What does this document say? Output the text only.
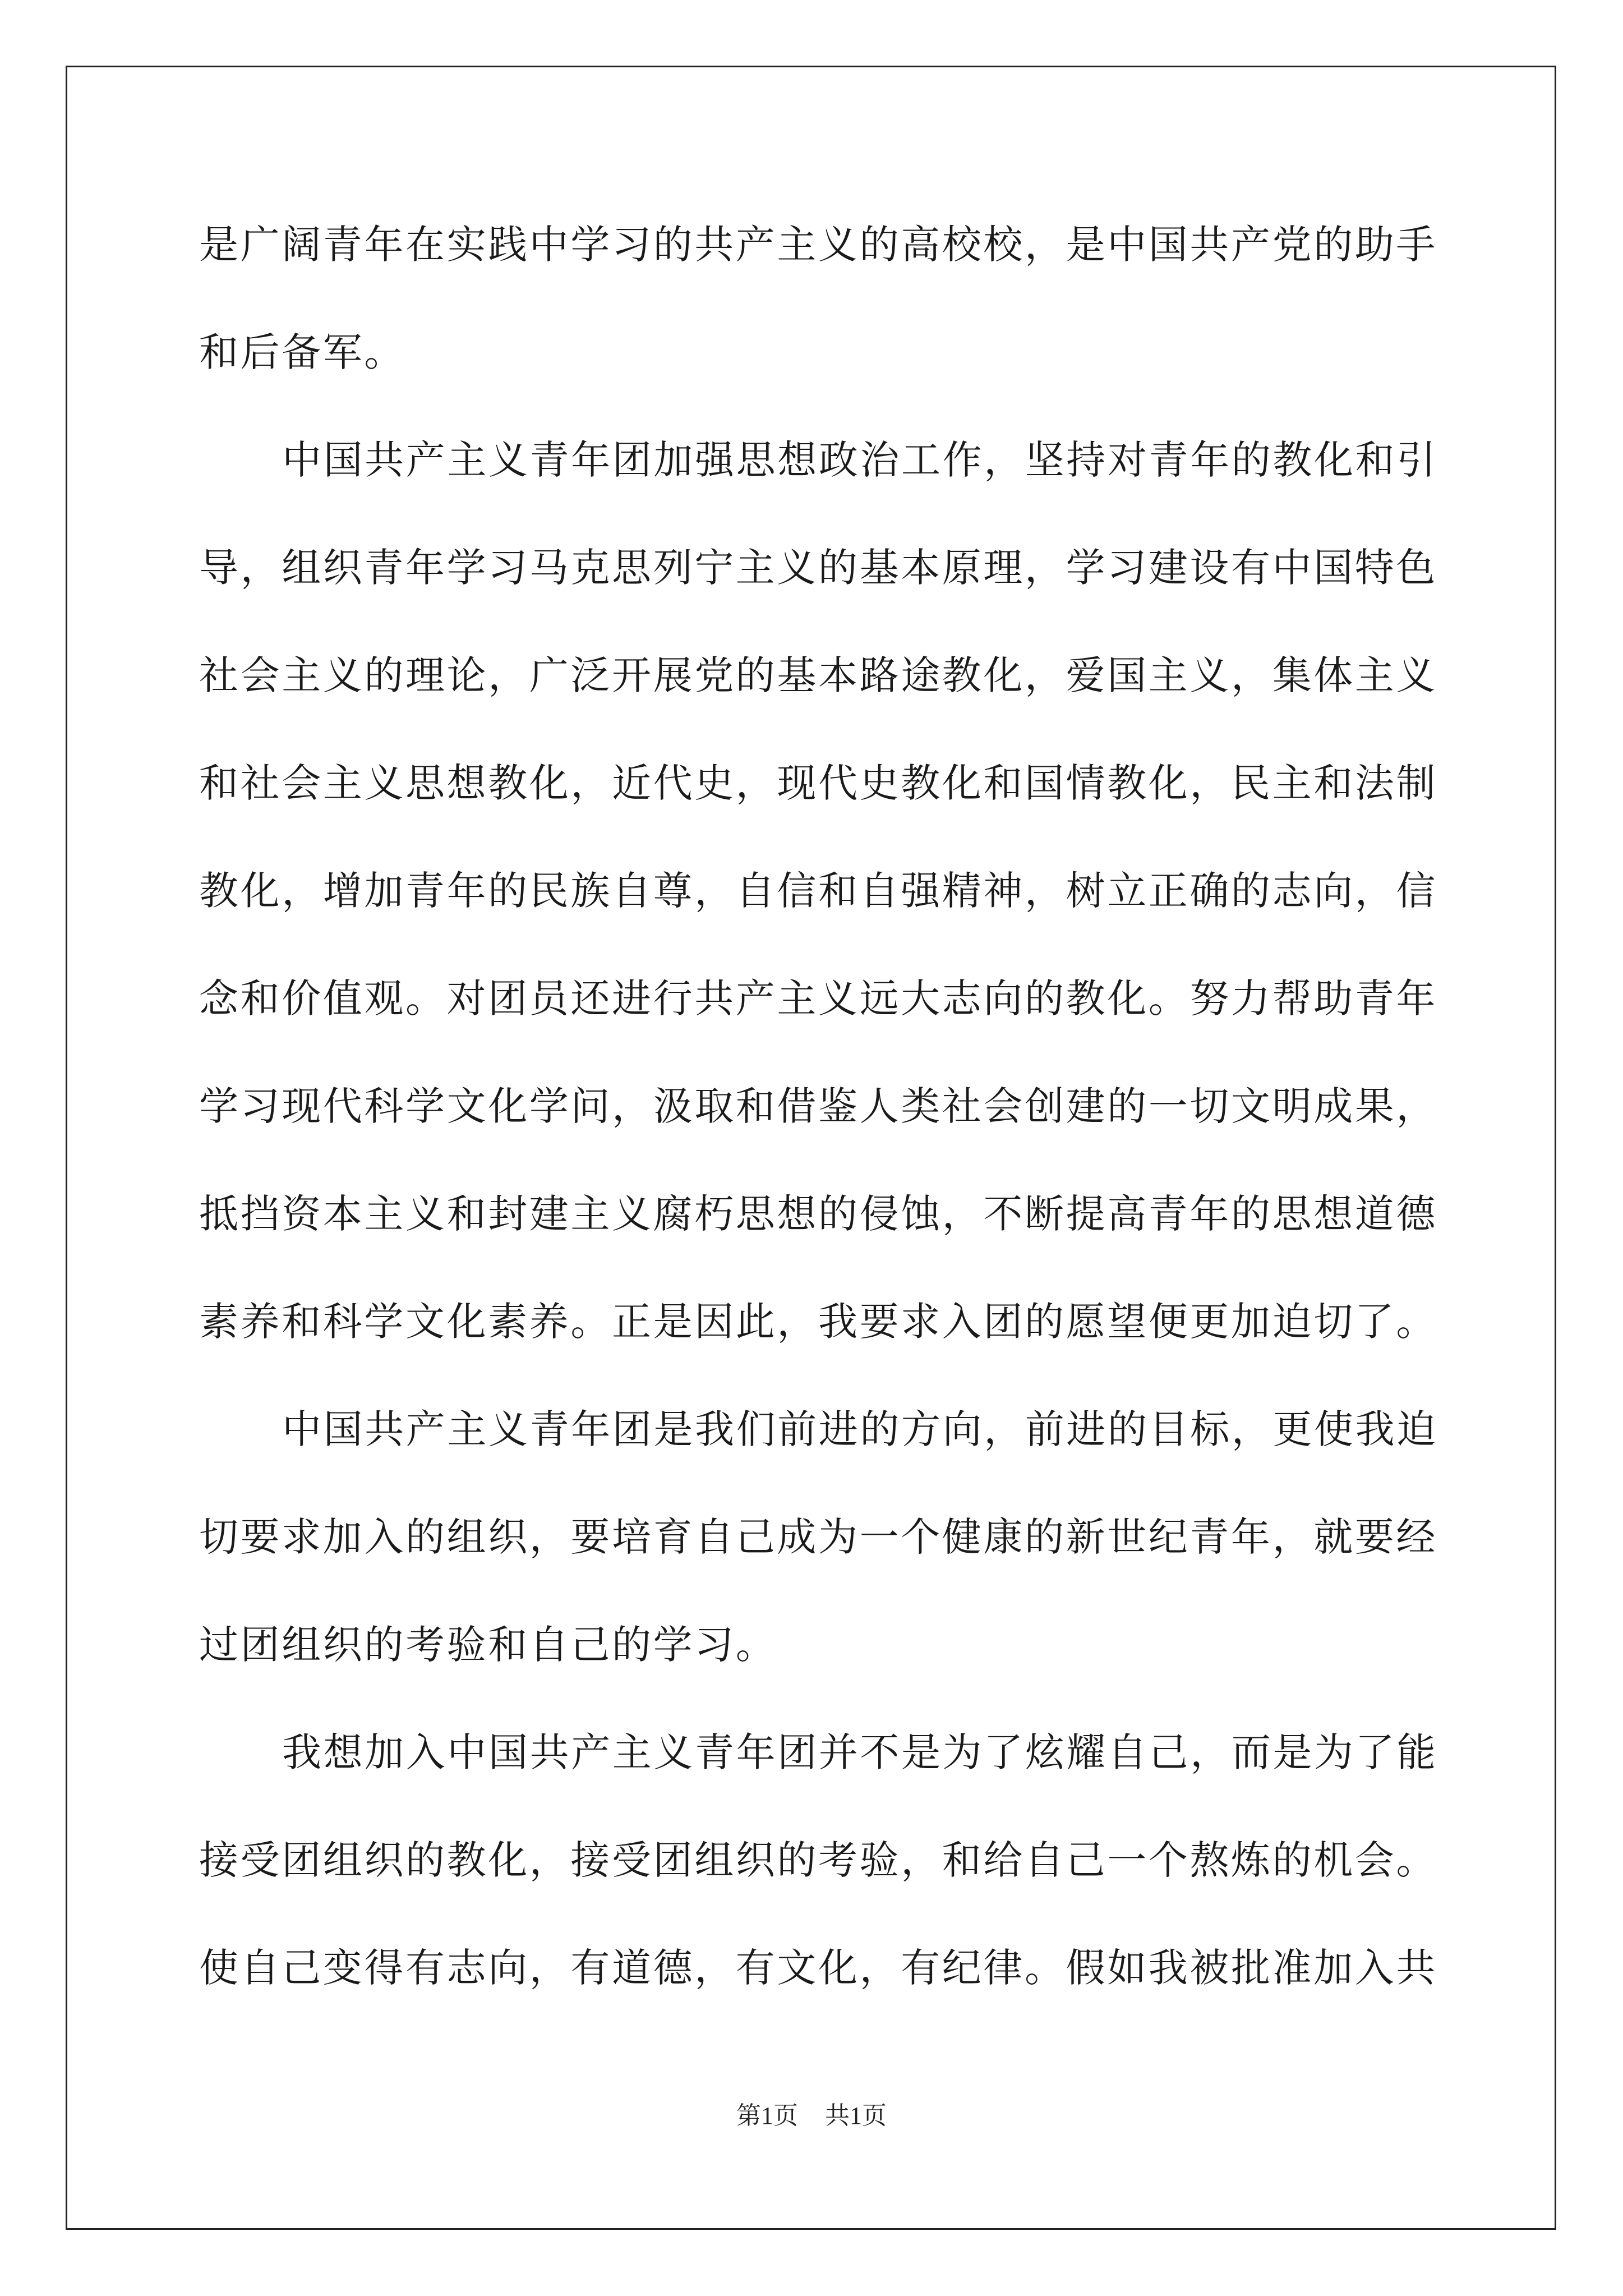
是广阔青年在实践中学习的共产主义的高校校，是中国共产党的助手
和后备军。
中国共产主义青年团加强思想政治工作，坚持对青年的教化和引
导，组织青年学习马克思列宁主义的基本原理，学习建设有中国特色
社会主义的理论，广泛开展党的基本路途教化，爱国主义，集体主义
和社会主义思想教化，近代史，现代史教化和国情教化，民主和法制
教化，增加青年的民族自尊，自信和自强精神，树立正确的志向，信
念和价值观。对团员还进行共产主义远大志向的教化。努力帮助青年
学习现代科学文化学问，汲取和借鉴人类社会创建的一切文明成果，
抵挡资本主义和封建主义腐朽思想的侵蚀，不断提高青年的思想道德
素养和科学文化素养。正是因此，我要求入团的愿望便更加迫切了。
中国共产主义青年团是我们前进的方向，前进的目标，更使我迫
切要求加入的组织，要培育自己成为一个健康的新世纪青年，就要经
过团组织的考验和自己的学习。
我想加入中国共产主义青年团并不是为了炫耀自己，而是为了能
接受团组织的教化，接受团组织的考验，和给自己一个熬炼的机会。
使自己变得有志向，有道德，有文化，有纪律。假如我被批准加入共
第1页 共1页
